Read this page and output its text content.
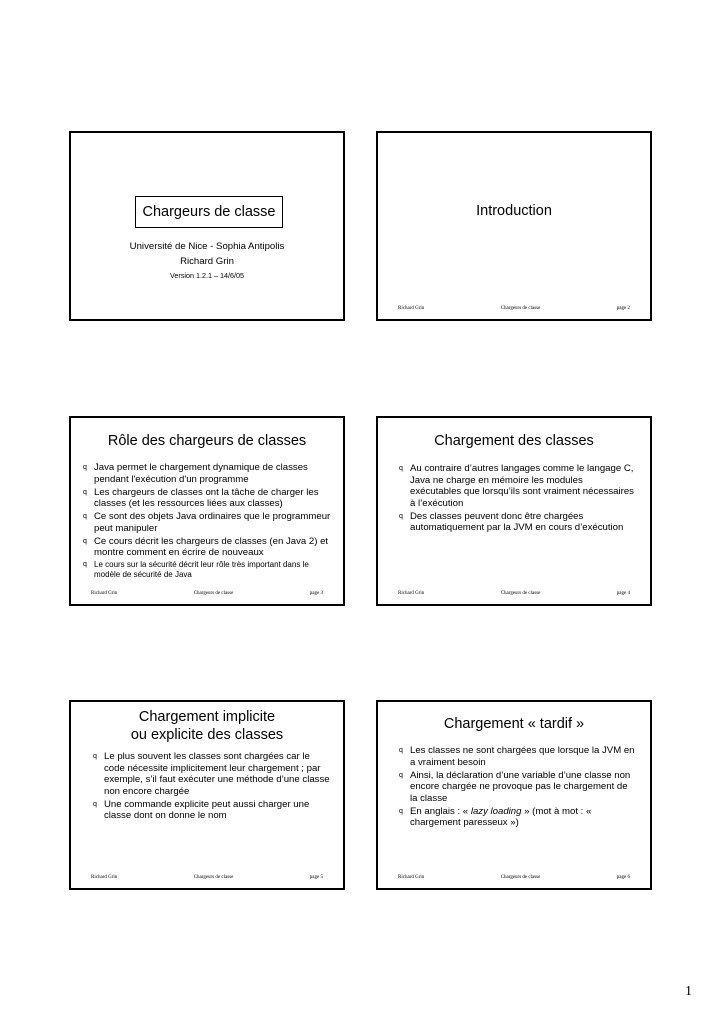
Chargeurs de classe
Université de Nice - Sophia Antipolis
Richard Grin
Version 1.2.1 – 14/6/05
Introduction
Richard Grin	Chargeurs de classe	page 2
Rôle des chargeurs de classes
q Java permet le chargement dynamique de classes pendant l'exécution d'un programme
q Les chargeurs de classes ont la tâche de charger les classes (et les ressources liées aux classes)
q Ce sont des objets Java ordinaires que le programmeur peut manipuler
q Ce cours décrit les chargeurs de classes (en Java 2) et montre comment en écrire de nouveaux
q Le cours sur la sécurité décrit leur rôle très important dans le modèle de sécurité de Java
Richard Grin	Chargeurs de classe	page 3
Chargement des classes
q Au contraire d’autres langages comme le langage C, Java ne charge en mémoire les modules exécutables que lorsqu’ils sont vraiment nécessaires à l’exécution
q Des classes peuvent donc être chargées automatiquement par la JVM en cours d’exécution
Richard Grin	Chargeurs de classe	page 4
Chargement implicite
ou explicite des classes
q Le plus souvent les classes sont chargées car le code nécessite implicitement leur chargement ; par exemple, s’il faut exécuter une méthode d’une classe non encore chargée
q Une commande explicite peut aussi charger une classe dont on donne le nom
Richard Grin	Chargeurs de classe	page 5
Chargement « tardif »
q Les classes ne sont chargées que lorsque la JVM en a vraiment besoin
q Ainsi, la déclaration d’une variable d’une classe non encore chargée ne provoque pas le chargement de la classe
q En anglais : « lazy loading » (mot à mot : « chargement paresseux »)
Richard Grin	Chargeurs de classe	page 6
1
